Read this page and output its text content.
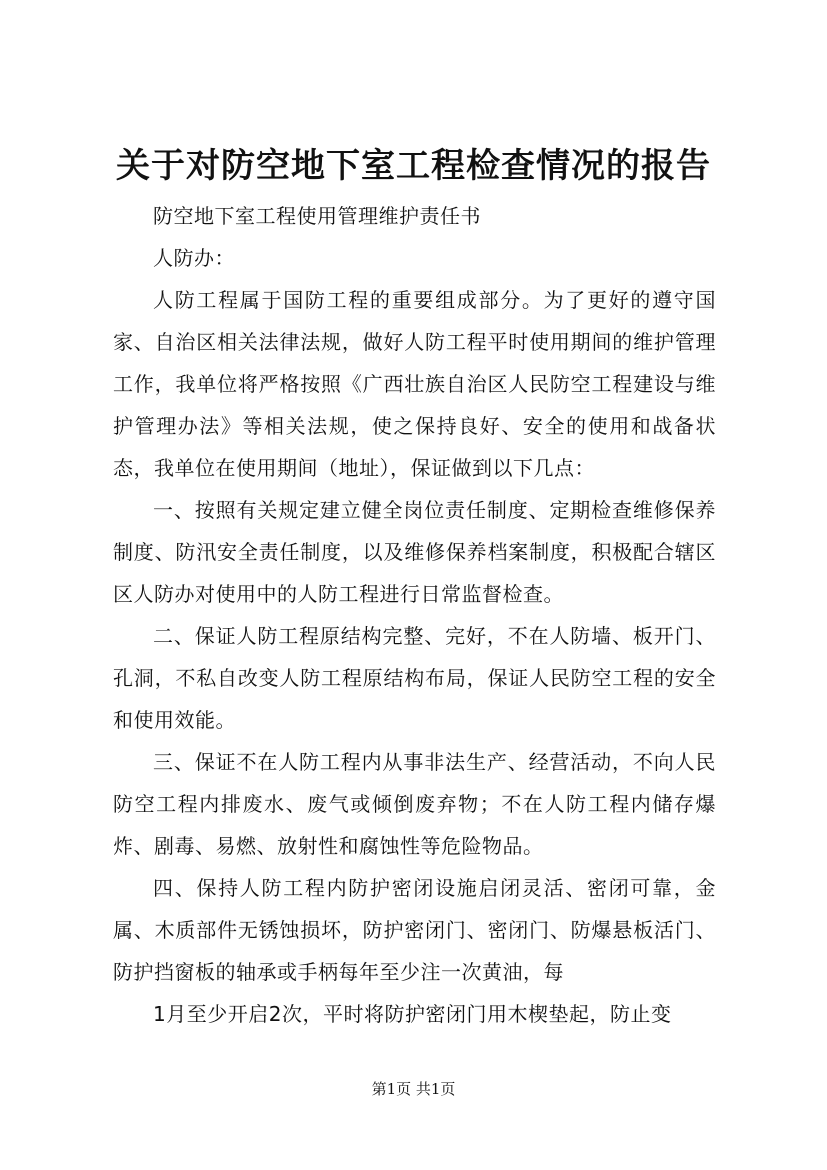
关于对防空地下室工程检查情况的报告

防空地下室工程使用管理维护责任书

人防办：

人防工程属于国防工程的重要组成部分。为了更好的遵守国家、自治区相关法律法规，做好人防工程平时使用期间的维护管理工作，我单位将严格按照《广西壮族自治区人民防空工程建设与维护管理办法》等相关法规，使之保持良好、安全的使用和战备状态，我单位在使用期间（地址），保证做到以下几点：

一、按照有关规定建立健全岗位责任制度、定期检查维修保养制度、防汛安全责任制度，以及维修保养档案制度，积极配合辖区区人防办对使用中的人防工程进行日常监督检查。

二、保证人防工程原结构完整、完好，不在人防墙、板开门、孔洞，不私自改变人防工程原结构布局，保证人民防空工程的安全和使用效能。

三、保证不在人防工程内从事非法生产、经营活动，不向人民防空工程内排废水、废气或倾倒废弃物；不在人防工程内储存爆炸、剧毒、易燃、放射性和腐蚀性等危险物品。

四、保持人防工程内防护密闭设施启闭灵活、密闭可靠，金属、木质部件无锈蚀损坏，防护密闭门、密闭门、防爆悬板活门、防护挡窗板的轴承或手柄每年至少注一次黄油，每

1月至少开启2次，平时将防护密闭门用木楔垫起，防止变

第1页 共1页
